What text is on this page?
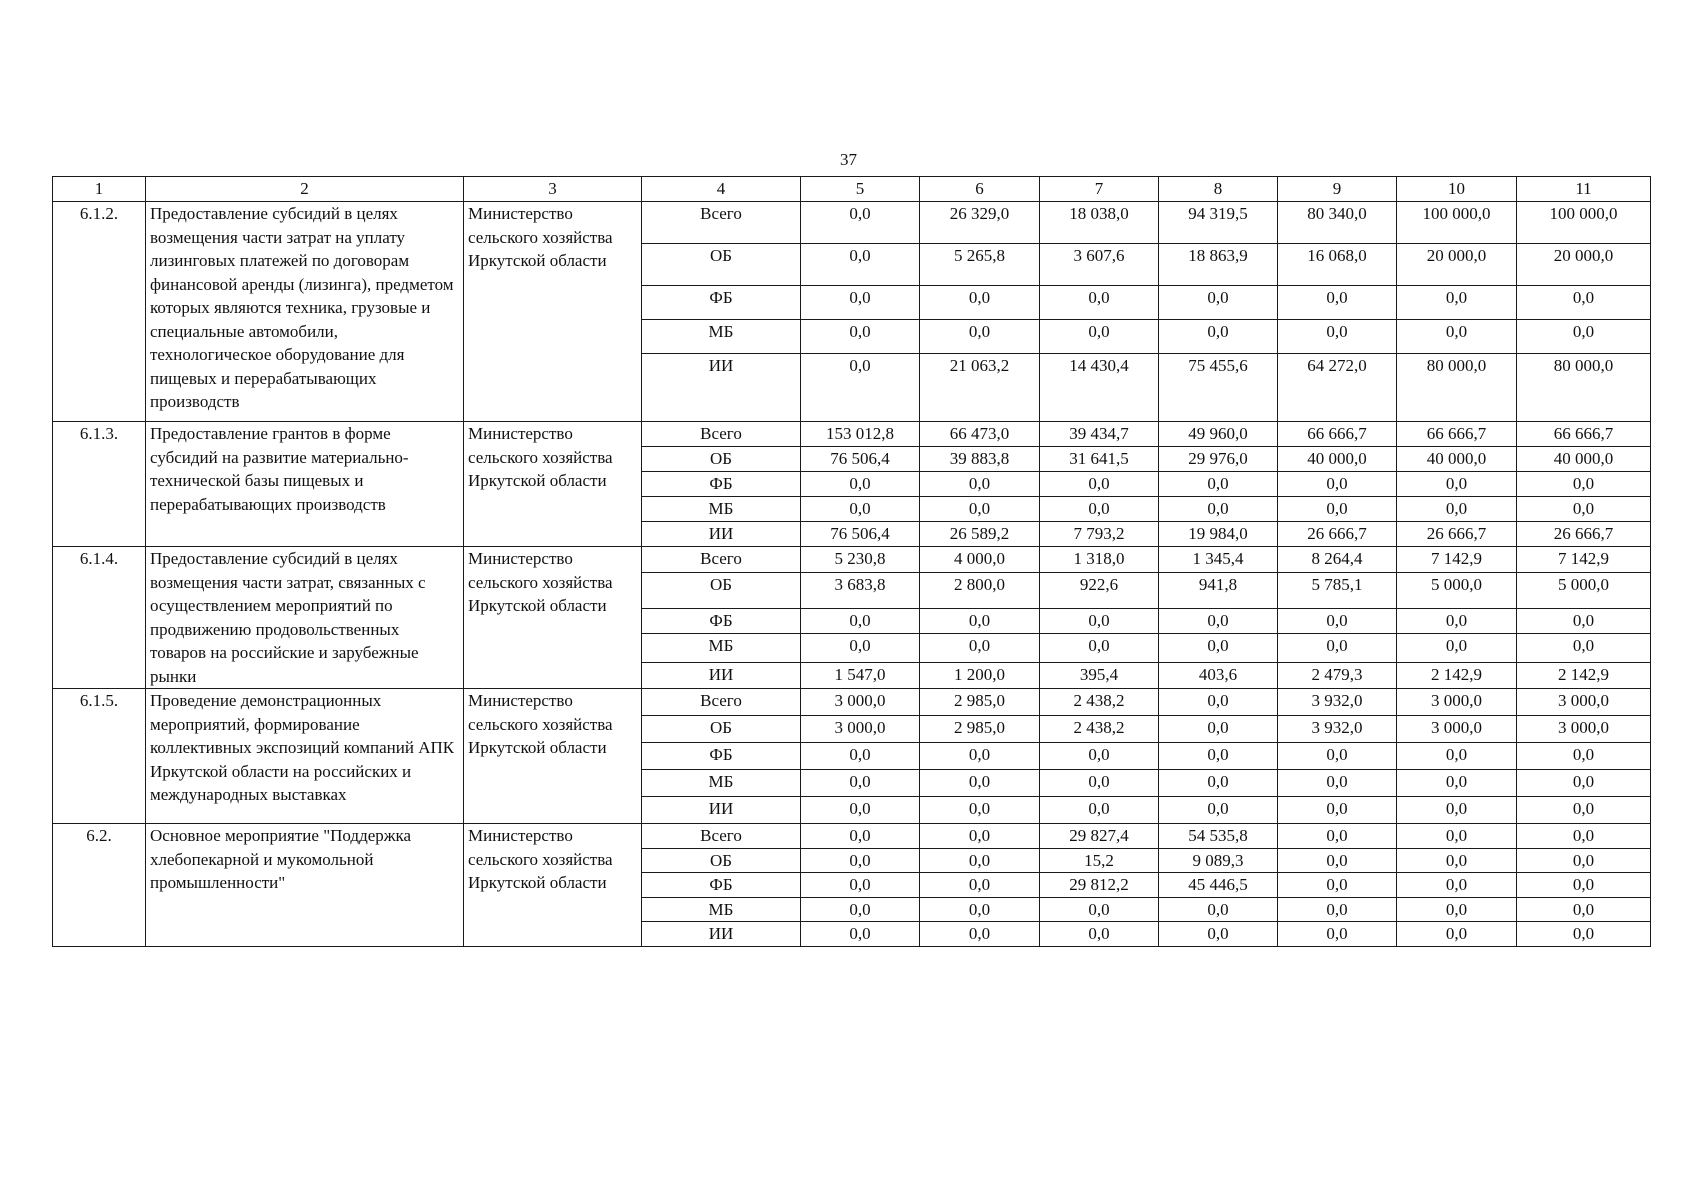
37
1	2	3	4	5	6	7	8	9	10	11
6.1.2.	Предоставление субсидий в целях возмещения части затрат на уплату лизинговых платежей по договорам финансовой аренды (лизинга), предметом которых являются техника, грузовые и специальные автомобили, технологическое оборудование для пищевых и перерабатывающих производств	Министерство сельского хозяйства Иркутской области	Всего	0,0	26 329,0	18 038,0	94 319,5	80 340,0	100 000,0	100 000,0
			ОБ	0,0	5 265,8	3 607,6	18 863,9	16 068,0	20 000,0	20 000,0
			ФБ	0,0	0,0	0,0	0,0	0,0	0,0	0,0
			МБ	0,0	0,0	0,0	0,0	0,0	0,0	0,0
			ИИ	0,0	21 063,2	14 430,4	75 455,6	64 272,0	80 000,0	80 000,0
6.1.3.	Предоставление грантов в форме субсидий на развитие материально-технической базы пищевых и перерабатывающих производств	Министерство сельского хозяйства Иркутской области	Всего	153 012,8	66 473,0	39 434,7	49 960,0	66 666,7	66 666,7	66 666,7
			ОБ	76 506,4	39 883,8	31 641,5	29 976,0	40 000,0	40 000,0	40 000,0
			ФБ	0,0	0,0	0,0	0,0	0,0	0,0	0,0
			МБ	0,0	0,0	0,0	0,0	0,0	0,0	0,0
			ИИ	76 506,4	26 589,2	7 793,2	19 984,0	26 666,7	26 666,7	26 666,7
6.1.4.	Предоставление субсидий в целях возмещения части затрат, связанных с осуществлением мероприятий по продвижению продовольственных товаров на российские и зарубежные рынки	Министерство сельского хозяйства Иркутской области	Всего	5 230,8	4 000,0	1 318,0	1 345,4	8 264,4	7 142,9	7 142,9
			ОБ	3 683,8	2 800,0	922,6	941,8	5 785,1	5 000,0	5 000,0
			ФБ	0,0	0,0	0,0	0,0	0,0	0,0	0,0
			МБ	0,0	0,0	0,0	0,0	0,0	0,0	0,0
			ИИ	1 547,0	1 200,0	395,4	403,6	2 479,3	2 142,9	2 142,9
6.1.5.	Проведение демонстрационных мероприятий, формирование коллективных экспозиций компаний АПК Иркутской области на российских и международных выставках	Министерство сельского хозяйства Иркутской области	Всего	3 000,0	2 985,0	2 438,2	0,0	3 932,0	3 000,0	3 000,0
			ОБ	3 000,0	2 985,0	2 438,2	0,0	3 932,0	3 000,0	3 000,0
			ФБ	0,0	0,0	0,0	0,0	0,0	0,0	0,0
			МБ	0,0	0,0	0,0	0,0	0,0	0,0	0,0
			ИИ	0,0	0,0	0,0	0,0	0,0	0,0	0,0
6.2.	Основное мероприятие "Поддержка хлебопекарной и мукомольной промышленности"	Министерство сельского хозяйства Иркутской области	Всего	0,0	0,0	29 827,4	54 535,8	0,0	0,0	0,0
			ОБ	0,0	0,0	15,2	9 089,3	0,0	0,0	0,0
			ФБ	0,0	0,0	29 812,2	45 446,5	0,0	0,0	0,0
			МБ	0,0	0,0	0,0	0,0	0,0	0,0	0,0
			ИИ	0,0	0,0	0,0	0,0	0,0	0,0	0,0
